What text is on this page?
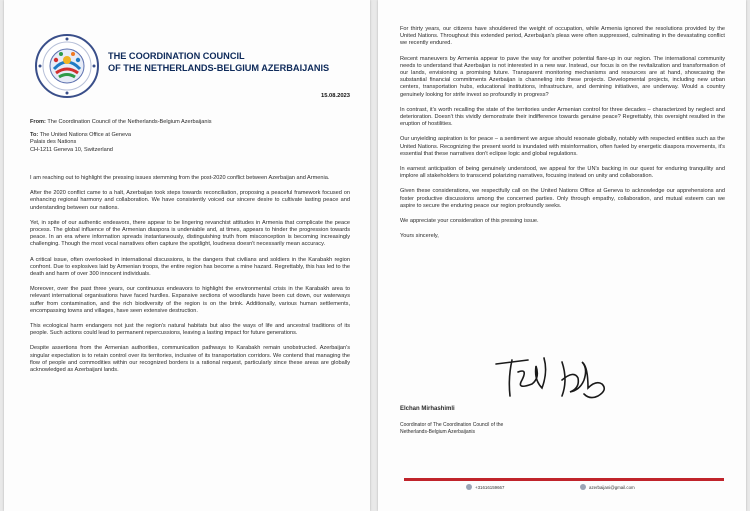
THE COORDINATION COUNCIL
OF THE NETHERLANDS-BELGIUM AZERBAIJANIS
15.08.2023

From: The Coordination Council of the Netherlands-Belgium Azerbaijanis

To: The United Nations Office at Geneva

Palais des Nations

CH-1211 Geneva 10, Switzerland

I am reaching out to highlight the pressing issues stemming from the post-2020 conflict between Azerbaijan and Armenia.

After the 2020 conflict came to a halt, Azerbaijan took steps towards reconciliation, proposing a peaceful framework focused on enhancing regional harmony and collaboration. We have consistently voiced our sincere desire to cultivate lasting peace and understanding between our nations.

Yet, in spite of our authentic endeavors, there appear to be lingering revanchist attitudes in Armenia that complicate the peace process. The global influence of the Armenian diaspora is undeniable and, at times, appears to hinder the progression towards peace. In an era where information spreads instantaneously, distinguishing truth from misconception is becoming increasingly challenging. Though the most vocal narratives often capture the spotlight, loudness doesn't necessarily mean accuracy.

A critical issue, often overlooked in international discussions, is the dangers that civilians and soldiers in the Karabakh region confront. Due to explosives laid by Armenian troops, the entire region has become a mine hazard. Regrettably, this has led to the death and harm of over 300 innocent individuals.

Moreover, over the past three years, our continuous endeavors to highlight the environmental crisis in the Karabakh area to relevant international organisations have faced hurdles. Expansive sections of woodlands have been cut down, our waterways suffer from contamination, and the rich biodiversity of the region is on the brink. Additionally, various human settlements, encompassing towns and villages, have seen extensive destruction.

This ecological harm endangers not just the region's natural habitats but also the ways of life and ancestral traditions of its people. Such actions could lead to permanent repercussions, leaving a lasting impact for future generations.

Despite assertions from the Armenian authorities, communication pathways to Karabakh remain unobstructed. Azerbaijan's singular expectation is to retain control over its territories, inclusive of its transportation corridors. We contend that managing the flow of people and commodities within our recognized borders is a rational request, particularly since these areas are globally acknowledged as Azerbaijani lands.

For thirty years, our citizens have shouldered the weight of occupation, while Armenia ignored the resolutions provided by the United Nations. Throughout this extended period, Azerbaijan's pleas were often suppressed, culminating in the devastating conflict we recently endured.

Recent maneuvers by Armenia appear to pave the way for another potential flare-up in our region. The international community needs to understand that Azerbaijan is not interested in a new war. Instead, our focus is on the revitalization and transformation of our lands, envisioning a promising future. Transparent monitoring mechanisms and resources are at hand, showcasing the substantial financial commitments Azerbaijan is channeling into these projects. Developmental projects, including new urban centers, transportation hubs, educational institutions, infrastructure, and demining initiatives, are underway. Would a country genuinely looking for strife invest so profoundly in progress?

In contrast, it's worth recalling the state of the territories under Armenian control for three decades – characterized by neglect and deterioration. Doesn't this vividly demonstrate their indifference towards genuine peace? Regrettably, this oversight resulted in the eruption of hostilities.

Our unyielding aspiration is for peace – a sentiment we argue should resonate globally, notably with respected entities such as the United Nations. Recognizing the present world is inundated with misinformation, often fueled by energetic diaspora movements, it's essential that these narratives don't eclipse logic and global regulations.

In earnest anticipation of being genuinely understood, we appeal for the UN's backing in our quest for enduring tranquility and implore all stakeholders to transcend polarizing narratives, focusing instead on unity and collaboration.

Given these considerations, we respectfully call on the United Nations Office at Geneva to acknowledge our apprehensions and foster productive discussions among the concerned parties. Only through empathy, collaboration, and mutual esteem can we aspire to secure the enduring peace our region profoundly seeks.

We appreciate your consideration of this pressing issue.

Yours sincerely,

Elchan Mirhashimli

Coordinator of The Coordination Council of the

Netherlands-Belgium Azerbaijanis

+31616159667	azerbaijani@gmail.com
